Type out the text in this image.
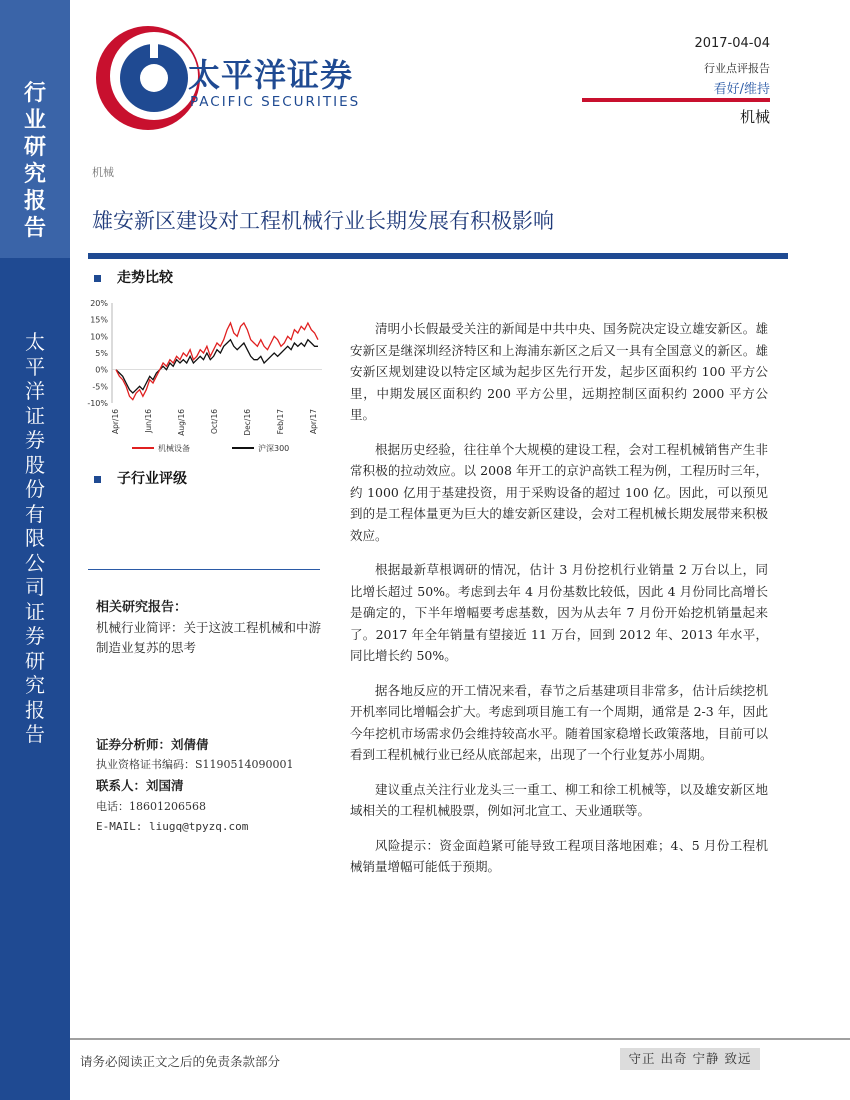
行
业
研
究
报
告
太
平
洋
证
券
股
份
有
限
公
司
证
券
研
究
报
告
太平洋证券
PACIFIC SECURITIES
2017-04-04
行业点评报告
看好/维持
机械
机械
雄安新区建设对工程机械行业长期发展有积极影响
走势比较
20%
15%
10%
5%
0%
-5%
-10%
Apr/16	Jun/16	Aug/16	Oct/16	Dec/16	Feb/17	Apr/17
机械设备	沪深300
子行业评级
相关研究报告：
机械行业简评：关于这波工程机械和中游制造业复苏的思考
证券分析师：刘倩倩
执业资格证书编码：S1190514090001
联系人：刘国清
电话：18601206568
E-MAIL: liugq@tpyzq.com

清明小长假最受关注的新闻是中共中央、国务院决定设立雄安新区。雄安新区是继深圳经济特区和上海浦东新区之后又一具有全国意义的新区。雄安新区规划建设以特定区域为起步区先行开发，起步区面积约 100 平方公里，中期发展区面积约 200 平方公里，远期控制区面积约 2000 平方公里。

根据历史经验，往往单个大规模的建设工程，会对工程机械销售产生非常积极的拉动效应。以 2008 年开工的京沪高铁工程为例，工程历时三年，约 1000 亿用于基建投资，用于采购设备的超过 100 亿。因此，可以预见到的是工程体量更为巨大的雄安新区建设，会对工程机械长期发展带来积极效应。

根据最新草根调研的情况，估计 3 月份挖机行业销量 2 万台以上，同比增长超过 50%。考虑到去年 4 月份基数比较低，因此 4 月份同比高增长是确定的，下半年增幅要考虑基数，因为从去年 7 月份开始挖机销量起来了。2017 年全年销量有望接近 11 万台，回到 2012 年、2013 年水平，同比增长约 50%。

据各地反应的开工情况来看，春节之后基建项目非常多，估计后续挖机开机率同比增幅会扩大。考虑到项目施工有一个周期，通常是 2-3 年，因此今年挖机市场需求仍会维持较高水平。随着国家稳增长政策落地，目前可以看到工程机械行业已经从底部起来，出现了一个行业复苏小周期。

建议重点关注行业龙头三一重工、柳工和徐工机械等，以及雄安新区地域相关的工程机械股票，例如河北宣工、天业通联等。

风险提示：资金面趋紧可能导致工程项目落地困难；4、5 月份工程机械销量增幅可能低于预期。

请务必阅读正文之后的免责条款部分	守正 出奇 宁静 致远
